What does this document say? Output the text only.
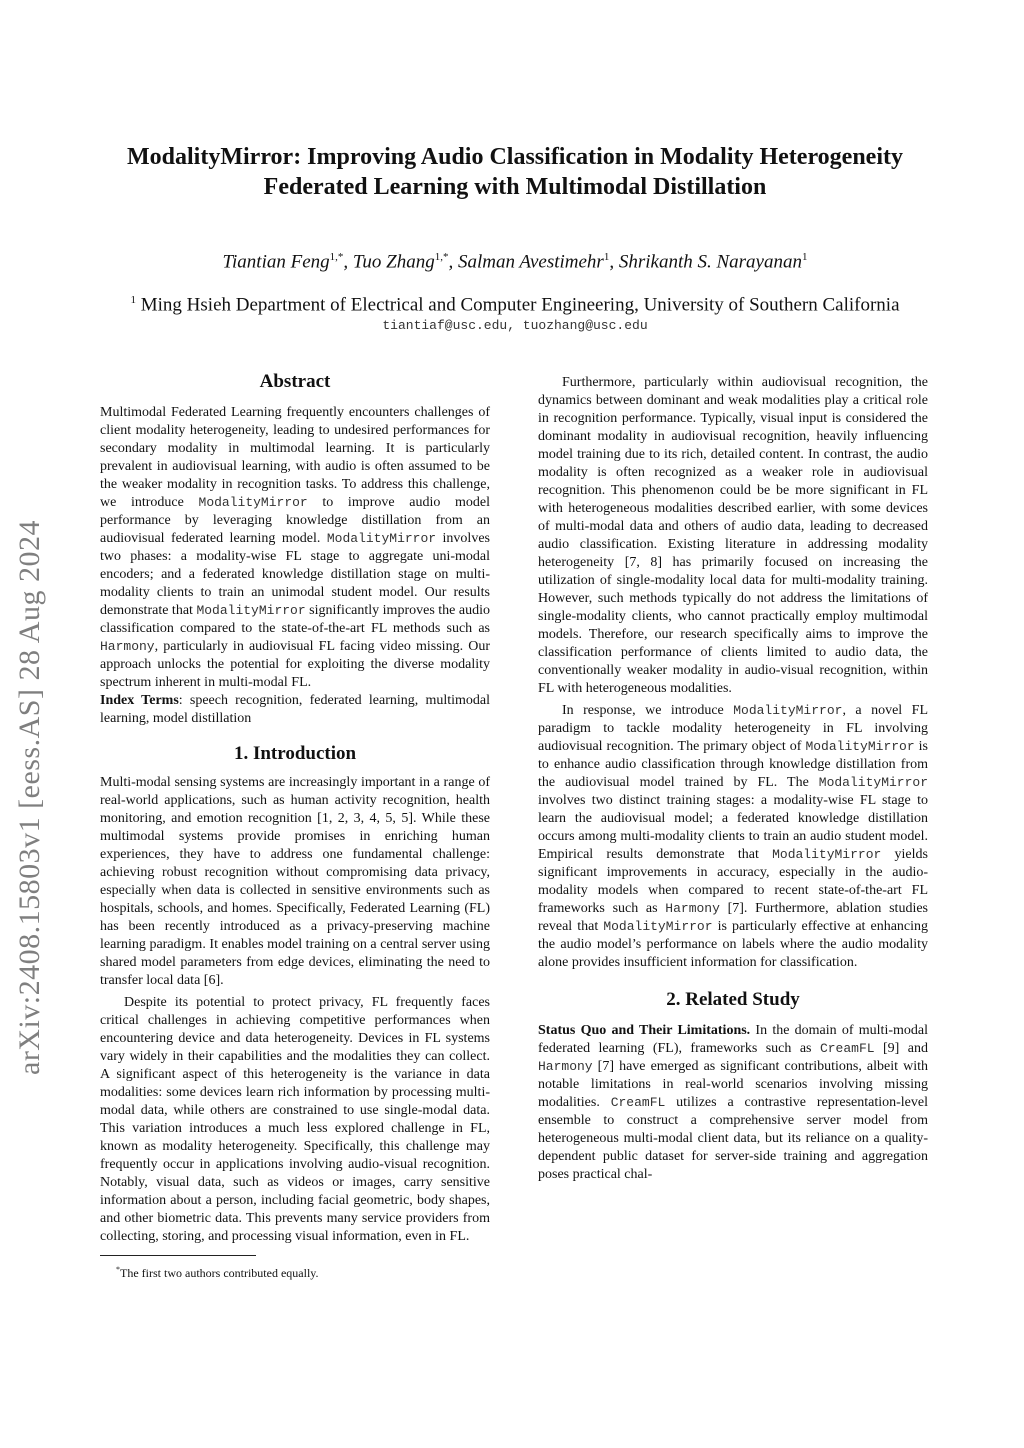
arXiv:2408.15803v1 [eess.AS] 28 Aug 2024
ModalityMirror: Improving Audio Classification in Modality Heterogeneity
Federated Learning with Multimodal Distillation
Tiantian Feng$^{1,*}$, Tuo Zhang$^{1,*}$, Salman Avestimehr$^1$, Shrikanth S. Narayanan$^1$
$^1$ Ming Hsieh Department of Electrical and Computer Engineering, University of Southern California
tiantiaf@usc.edu, tuozhang@usc.edu
Abstract

Multimodal Federated Learning frequently encounters challenges of client modality heterogeneity, leading to undesired performances for secondary modality in multimodal learning. It is particularly prevalent in audiovisual learning, with audio is often assumed to be the weaker modality in recognition tasks. To address this challenge, we introduce ModalityMirror to improve audio model performance by leveraging knowledge distillation from an audiovisual federated learning model. ModalityMirror involves two phases: a modality-wise FL stage to aggregate uni-modal encoders; and a federated knowledge distillation stage on multi-modality clients to train an unimodal student model. Our results demonstrate that ModalityMirror significantly improves the audio classification compared to the state-of-the-art FL methods such as Harmony, particularly in audiovisual FL facing video missing. Our approach unlocks the potential for exploiting the diverse modality spectrum inherent in multi-modal FL.

Index Terms: speech recognition, federated learning, multimodal learning, model distillation

1. Introduction

Multi-modal sensing systems are increasingly important in a range of real-world applications, such as human activity recognition, health monitoring, and emotion recognition [1, 2, 3, 4, 5, 5]. While these multimodal systems provide promises in enriching human experiences, they have to address one fundamental challenge: achieving robust recognition without compromising data privacy, especially when data is collected in sensitive environments such as hospitals, schools, and homes. Specifically, Federated Learning (FL) has been recently introduced as a privacy-preserving machine learning paradigm. It enables model training on a central server using shared model parameters from edge devices, eliminating the need to transfer local data [6].

Despite its potential to protect privacy, FL frequently faces critical challenges in achieving competitive performances when encountering device and data heterogeneity. Devices in FL systems vary widely in their capabilities and the modalities they can collect. A significant aspect of this heterogeneity is the variance in data modalities: some devices learn rich information by processing multi-modal data, while others are constrained to use single-modal data. This variation introduces a much less explored challenge in FL, known as modality heterogeneity. Specifically, this challenge may frequently occur in applications involving audio-visual recognition. Notably, visual data, such as videos or images, carry sensitive information about a person, including facial geometric, body shapes, and other biometric data. This prevents many service providers from collecting, storing, and processing visual information, even in FL.

Furthermore, particularly within audiovisual recognition, the dynamics between dominant and weak modalities play a critical role in recognition performance. Typically, visual input is considered the dominant modality in audiovisual recognition, heavily influencing model training due to its rich, detailed content. In contrast, the audio modality is often recognized as a weaker role in audiovisual recognition. This phenomenon could be be more significant in FL with heterogeneous modalities described earlier, with some devices of multi-modal data and others of audio data, leading to decreased audio classification. Existing literature in addressing modality heterogeneity [7, 8] has primarily focused on increasing the utilization of single-modality local data for multi-modality training. However, such methods typically do not address the limitations of single-modality clients, who cannot practically employ multimodal models. Therefore, our research specifically aims to improve the classification performance of clients limited to audio data, the conventionally weaker modality in audio-visual recognition, within FL with heterogeneous modalities.

In response, we introduce ModalityMirror, a novel FL paradigm to tackle modality heterogeneity in FL involving audiovisual recognition. The primary object of ModalityMirror is to enhance audio classification through knowledge distillation from the audiovisual model trained by FL. The ModalityMirror involves two distinct training stages: a modality-wise FL stage to learn the audiovisual model; a federated knowledge distillation occurs among multi-modality clients to train an audio student model. Empirical results demonstrate that ModalityMirror yields significant improvements in accuracy, especially in the audio-modality models when compared to recent state-of-the-art FL frameworks such as Harmony [7]. Furthermore, ablation studies reveal that ModalityMirror is particularly effective at enhancing the audio model’s performance on labels where the audio modality alone provides insufficient information for classification.

2. Related Study

Status Quo and Their Limitations. In the domain of multi-modal federated learning (FL), frameworks such as CreamFL [9] and Harmony [7] have emerged as significant contributions, albeit with notable limitations in real-world scenarios involving missing modalities. CreamFL utilizes a contrastive representation-level ensemble to construct a comprehensive server model from heterogeneous multi-modal client data, but its reliance on a quality-dependent public dataset for server-side training and aggregation poses practical chal-

*The first two authors contributed equally.
